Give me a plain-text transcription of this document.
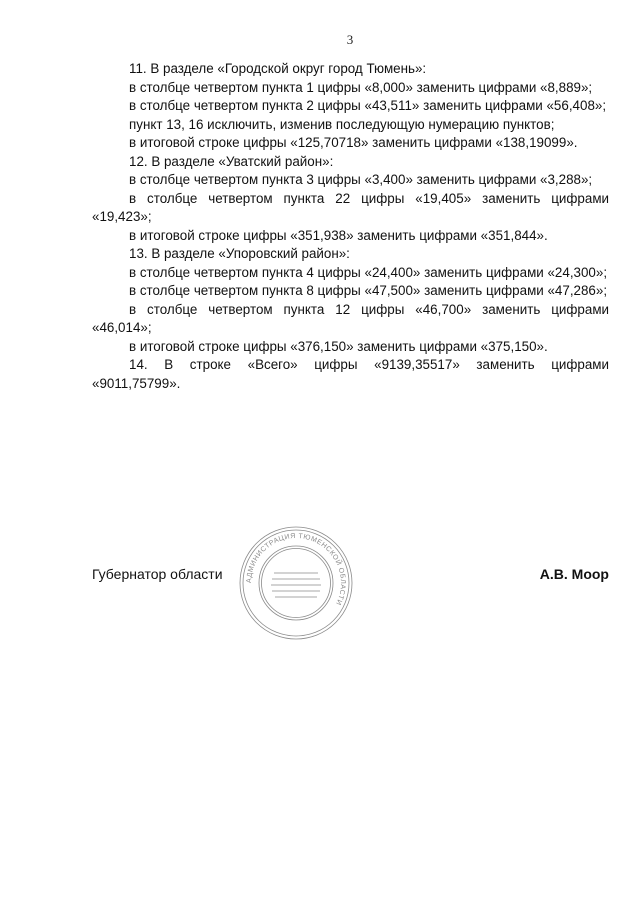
3

11. В разделе «Городской округ город Тюмень»:

в столбце четвертом пункта 1 цифры «8,000» заменить цифрами «8,889»;

в столбце четвертом пункта 2 цифры «43,511» заменить цифрами «56,408»;

пункт 13, 16 исключить, изменив последующую нумерацию пунктов;

в итоговой строке цифры «125,70718» заменить цифрами «138,19099».

12. В разделе «Уватский район»:

в столбце четвертом пункта 3 цифры «3,400» заменить цифрами «3,288»;

в столбце четвертом пункта 22 цифры «19,405» заменить цифрами «19,423»;

в итоговой строке цифры «351,938» заменить цифрами «351,844».

13. В разделе «Упоровский район»:

в столбце четвертом пункта 4 цифры «24,400» заменить цифрами «24,300»;

в столбце четвертом пункта 8 цифры «47,500» заменить цифрами «47,286»;

в столбце четвертом пункта 12 цифры «46,700» заменить цифрами «46,014»;

в итоговой строке цифры «376,150» заменить цифрами «375,150».

14. В строке «Всего» цифры «9139,35517» заменить цифрами «9011,75799».

Губернатор области	А.В. Моор
АДМИНИСТРАЦИЯ ТЮМЕНСКОЙ ОБЛАСТИ
